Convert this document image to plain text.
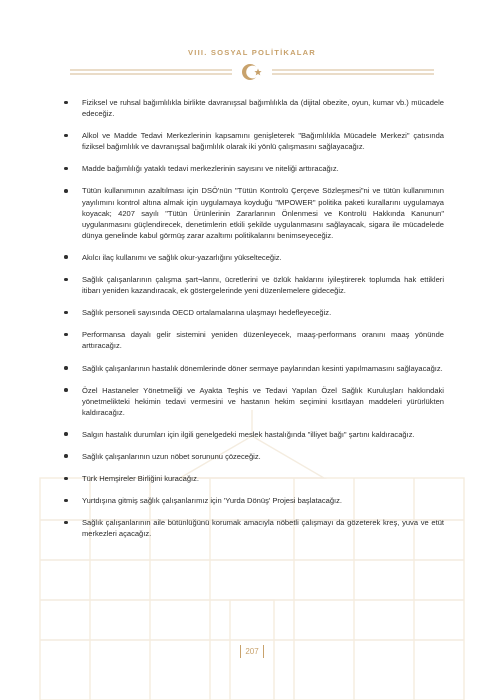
VIII. SOSYAL POLİTİKALAR
Fiziksel ve ruhsal bağımlılıkla birlikte davranışsal bağımlılıkla da (dijital obezite, oyun, kumar vb.) mücadele edeceğiz.
Alkol ve Madde Tedavi Merkezlerinin kapsamını genişleterek "Bağımlılıkla Mücadele Merkezi" çatısında fiziksel bağımlılık ve davranışsal bağımlılık olarak iki yönlü çalışmasını sağlayacağız.
Madde bağımlılığı yataklı tedavi merkezlerinin sayısını ve niteliği arttıracağız.
Tütün kullanımının azaltılması için DSÖ'nün "Tütün Kontrolü Çerçeve Sözleşmesi"ni ve tütün kullanımının yayılımını kontrol altına almak için uygulamaya koyduğu "MPOWER" politika paketi kurallarını uygulamaya koyacak; 4207 sayılı "Tütün Ürünlerinin Zararlarının Önlenmesi ve Kontrolü Hakkında Kanunun" uygulanmasını güçlendirecek, denetimlerin etkili şekilde uygulanmasını sağlayacak, sigara ile mücadelede dünya genelinde kabul görmüş zarar azaltımı politikalarını benimseyeceğiz.
Akılcı ilaç kullanımı ve sağlık okur-yazarlığını yükselteceğiz.
Sağlık çalışanlarının çalışma şart¬larını, ücretlerini ve özlük haklarını iyileştirerek toplumda hak ettikleri itibarı yeniden kazandıracak, ek göstergelerinde yeni düzenlemelere gideceğiz.
Sağlık personeli sayısında OECD ortalamalarına ulaşmayı hedefleyeceğiz.
Performansa dayalı gelir sistemini yeniden düzenleyecek, maaş-performans oranını maaş yönünde arttıracağız.
Sağlık çalışanlarının hastalık dönemlerinde döner sermaye paylarından kesinti yapılmamasını sağlayacağız.
Özel Hastaneler Yönetmeliği ve Ayakta Teşhis ve Tedavi Yapılan Özel Sağlık Kuruluşları hakkındaki yönetmelikteki hekimin tedavi vermesini ve hastanın hekim seçimini kısıtlayan maddeleri yürürlükten kaldıracağız.
Salgın hastalık durumları için ilgili genelgedeki meslek hastalığında "illiyet bağı" şartını kaldıracağız.
Sağlık çalışanlarının uzun nöbet sorununu çözeceğiz.
Türk Hemşireler Birliğini kuracağız.
Yurtdışına gitmiş sağlık çalışanlarımız için 'Yurda Dönüş' Projesi başlatacağız.
Sağlık çalışanlarının aile bütünlüğünü korumak amacıyla nöbetli çalışmayı da gözeterek kreş, yuva ve etüt merkezleri açacağız.
207
